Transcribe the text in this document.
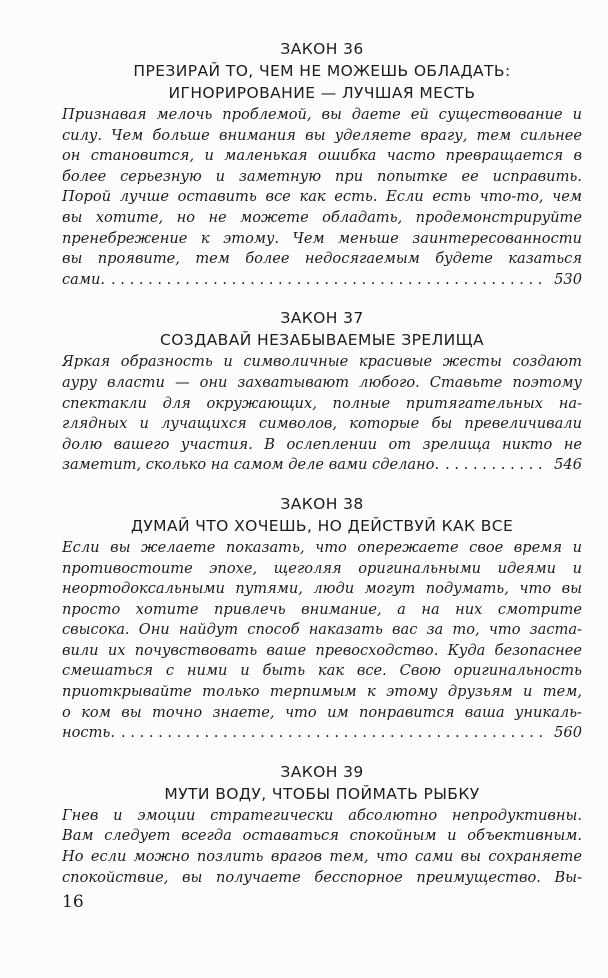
ЗАКОН 36
ПРЕЗИРАЙ ТО, ЧЕМ НЕ МОЖЕШЬ ОБЛАДАТЬ:
ИГНОРИРОВАНИЕ — ЛУЧШАЯ МЕСТЬ
Признавая мелочь проблемой, вы даете ей существование и
силу. Чем больше внимания вы уделяете врагу, тем сильнее
он становится, и маленькая ошибка часто превращается в
более серьезную и заметную при попытке ее исправить.
Порой лучше оставить все как есть. Если есть что-то, чем
вы хотите, но не можете обладать, продемонстрируйте
пренебрежение к этому. Чем меньше заинтересованности
вы проявите, тем более недосягаемым будете казаться
сами. . . .	530
ЗАКОН 37
СОЗДАВАЙ НЕЗАБЫВАЕМЫЕ ЗРЕЛИЩА
Яркая образность и символичные красивые жесты создают
ауру власти — они захватывают любого. Ставьте поэтому
спектакли для окружающих, полные притягательных на-
глядных и лучащихся символов, которые бы превеличивали
долю вашего участия. В ослеплении от зрелища никто не
заметит, сколько на самом деле вами сделано. . . .	546
ЗАКОН 38
ДУМАЙ ЧТО ХОЧЕШЬ, НО ДЕЙСТВУЙ КАК ВСЕ
Если вы желаете показать, что опережаете свое время и
противостоите эпохе, щеголяя оригинальными идеями и
неортодоксальными путями, люди могут подумать, что вы
просто хотите привлечь внимание, а на них смотрите
свысока. Они найдут способ наказать вас за то, что заста-
вили их почувствовать ваше превосходство. Куда безопаснее
смешаться с ними и быть как все. Свою оригинальность
приоткрывайте только терпимым к этому друзьям и тем,
о ком вы точно знаете, что им понравится ваша уникаль-
ность. . . .	560
ЗАКОН 39
МУТИ ВОДУ, ЧТОБЫ ПОЙМАТЬ РЫБКУ
Гнев и эмоции стратегически абсолютно непродуктивны.
Вам следует всегда оставаться спокойным и объективным.
Но если можно позлить врагов тем, что сами вы сохраняете
спокойствие, вы получаете бесспорное преимущество. Вы-
16
